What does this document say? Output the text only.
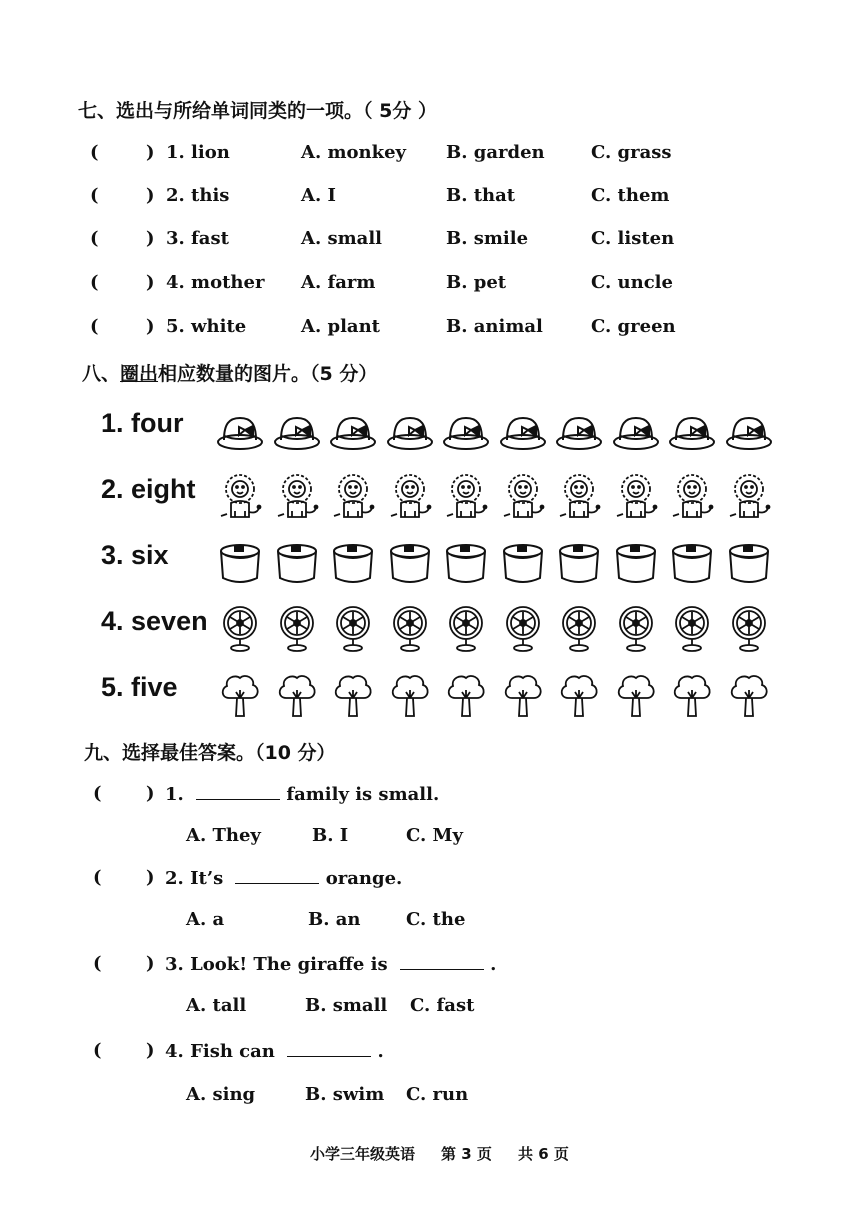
七、选出与所给单词同类的一项。（ 5分 ）
(	) 1. lion	A. monkey B. garden	C. grass
(	) 2. this	A. I	B. that	C. them
(	) 3. fast	A. small	B. smile	C. listen
(	) 4. mother A. farm	B. pet	C. uncle
(	) 5. white	A. plant	B. animal	C. green
八、圈出相应数量的图片。（5 分）
1. four
2. eight
3. six
4. seven
5. five
九、选择最佳答案。（10 分）
( ) 1.	family is small.
A. They	B. I	C. My
( ) 2. It’s	orange.
A. a	B. an	C. the
( ) 3. Look! The giraffe is	.
A. tall	B. small C. fast
( ) 4. Fish can	.
A. sing	B. swim C. run
小学三年级英语 第 3 页 共 6 页
